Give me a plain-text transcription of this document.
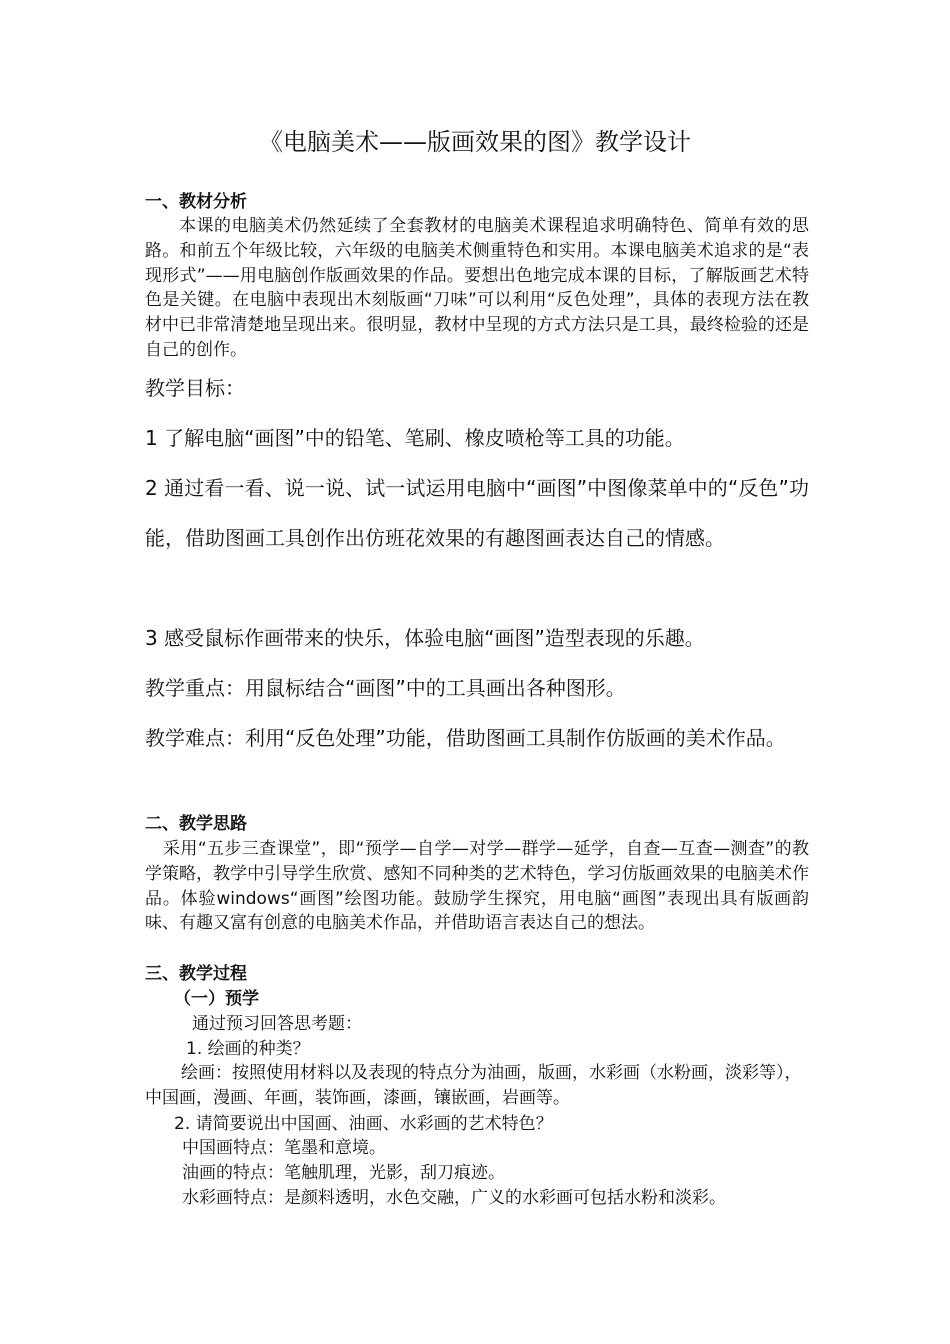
《电脑美术——版画效果的图》教学设计
一、教材分析

本课的电脑美术仍然延续了全套教材的电脑美术课程追求明确特色、简单有效的思路。和前五个年级比较，六年级的电脑美术侧重特色和实用。本课电脑美术追求的是“表现形式”——用电脑创作版画效果的作品。要想出色地完成本课的目标，了解版画艺术特色是关键。在电脑中表现出木刻版画“刀味”可以利用“反色处理”，具体的表现方法在教材中已非常清楚地呈现出来。很明显，教材中呈现的方式方法只是工具，最终检验的还是自己的创作。

教学目标：

1 了解电脑“画图”中的铅笔、笔刷、橡皮喷枪等工具的功能。

2 通过看一看、说一说、试一试运用电脑中“画图”中图像菜单中的“反色”功能，借助图画工具创作出仿班花效果的有趣图画表达自己的情感。

3 感受鼠标作画带来的快乐，体验电脑“画图”造型表现的乐趣。

教学重点：用鼠标结合“画图”中的工具画出各种图形。

教学难点：利用“反色处理”功能，借助图画工具制作仿版画的美术作品。

二、教学思路

采用“五步三查课堂”，即“预学—自学—对学—群学—延学，自查—互查—测查”的教学策略，教学中引导学生欣赏、感知不同种类的艺术特色，学习仿版画效果的电脑美术作品。体验windows“画图”绘图功能。鼓励学生探究，用电脑“画图”表现出具有版画韵味、有趣又富有创意的电脑美术作品，并借助语言表达自己的想法。

三、教学过程
（一）预学

通过预习回答思考题：

1. 绘画的种类？

绘画：按照使用材料以及表现的特点分为油画，版画，水彩画（水粉画，淡彩等），中国画，漫画、年画，装饰画，漆画，镶嵌画，岩画等。

2. 请简要说出中国画、油画、水彩画的艺术特色？

中国画特点：笔墨和意境。

油画的特点：笔触肌理，光影，刮刀痕迹。

水彩画特点：是颜料透明，水色交融，广义的水彩画可包括水粉和淡彩。
